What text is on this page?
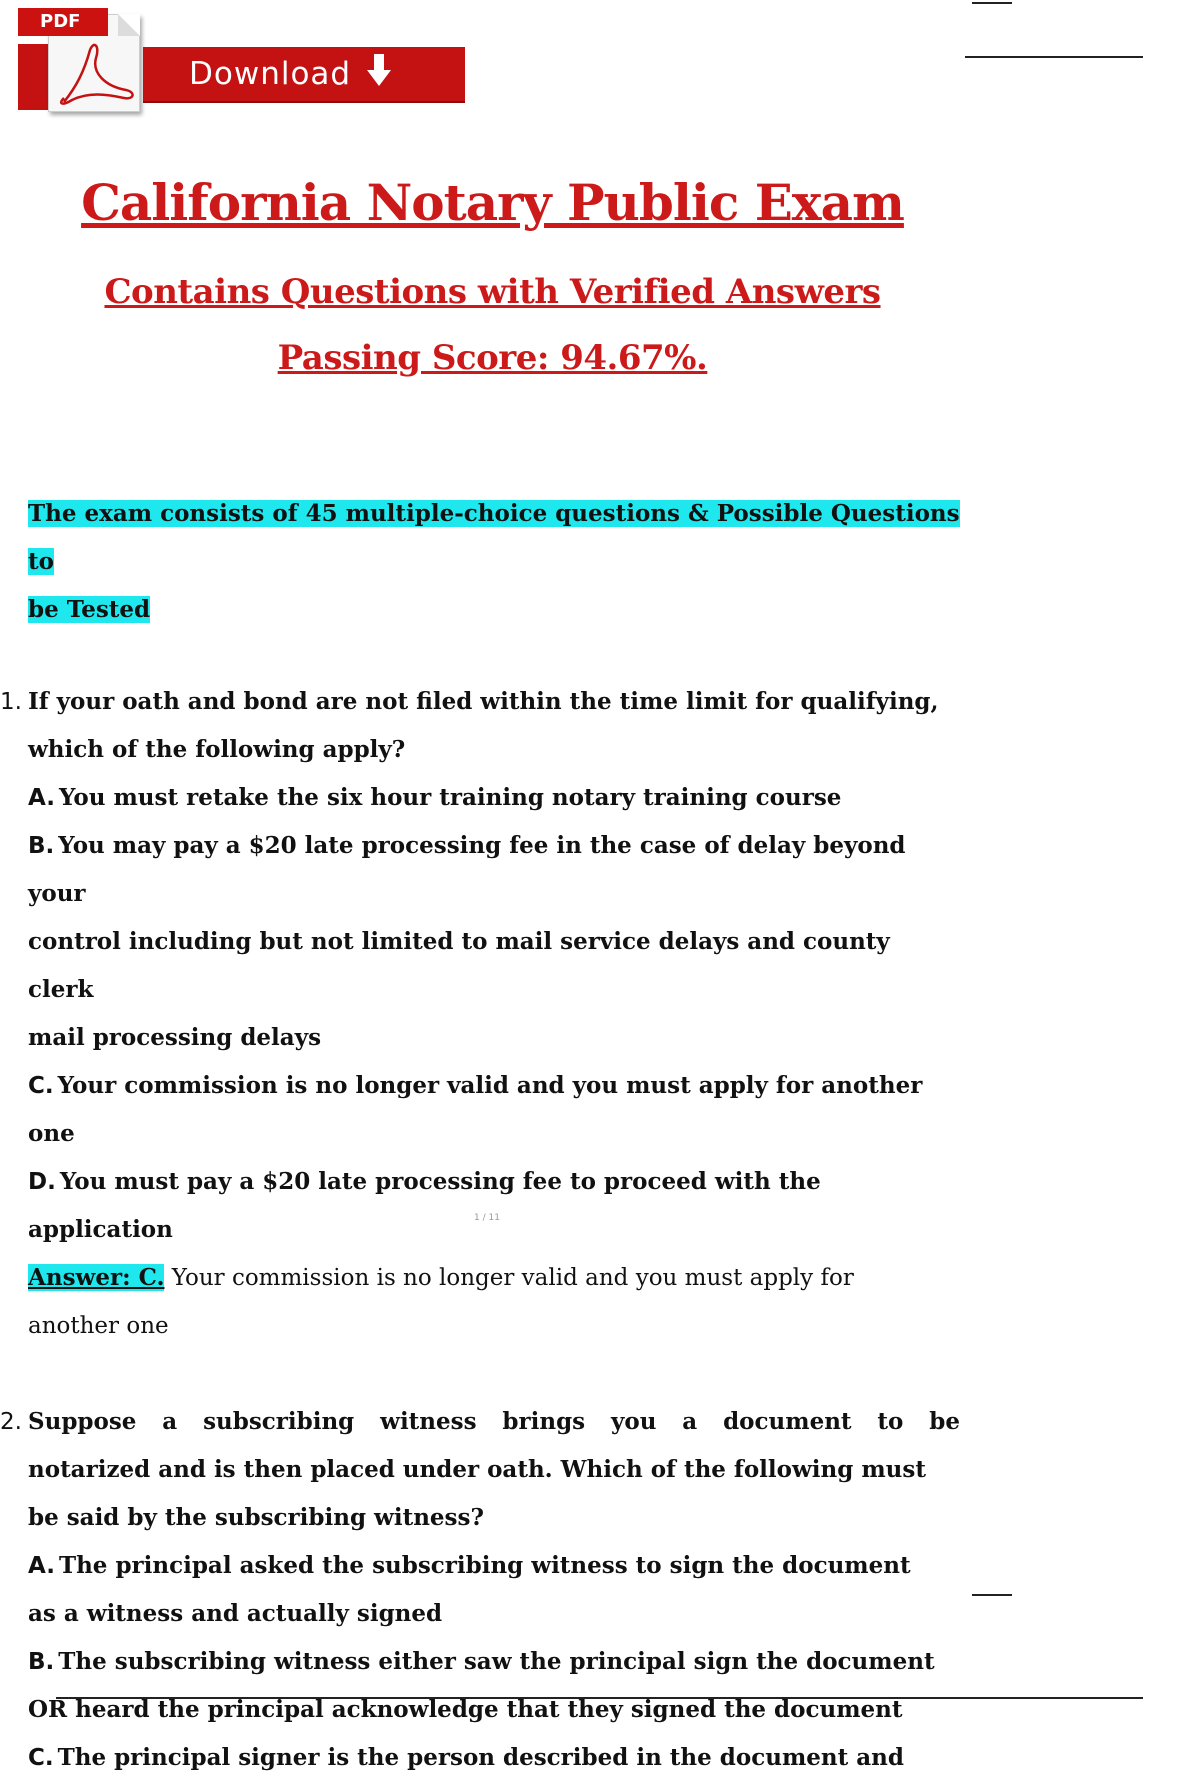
PDF
Download
California Notary Public Exam
Contains Questions with Verified Answers
Passing Score: 94.67%.

The exam consists of 45 multiple-choice questions & Possible Questions to
be Tested

1. If your oath and bond are not filed within the time limit for qualifying,
which of the following apply?
A. You must retake the six hour training notary training course
B. You may pay a $20 late processing fee in the case of delay beyond your
control including but not limited to mail service delays and county clerk
mail processing delays
C. Your commission is no longer valid and you must apply for another one
D. You must pay a $20 late processing fee to proceed with the application
Answer: C. Your commission is no longer valid and you must apply for
another one
2. Suppose a subscribing witness brings you a document to be
notarized and is then placed under oath. Which of the following must
be said by the subscribing witness?
A. The principal asked the subscribing witness to sign the document
as a witness and actually signed
B. The subscribing witness either saw the principal sign the document
OR heard the principal acknowledge that they signed the document
C. The principal signer is the person described in the document and
1 / 11
